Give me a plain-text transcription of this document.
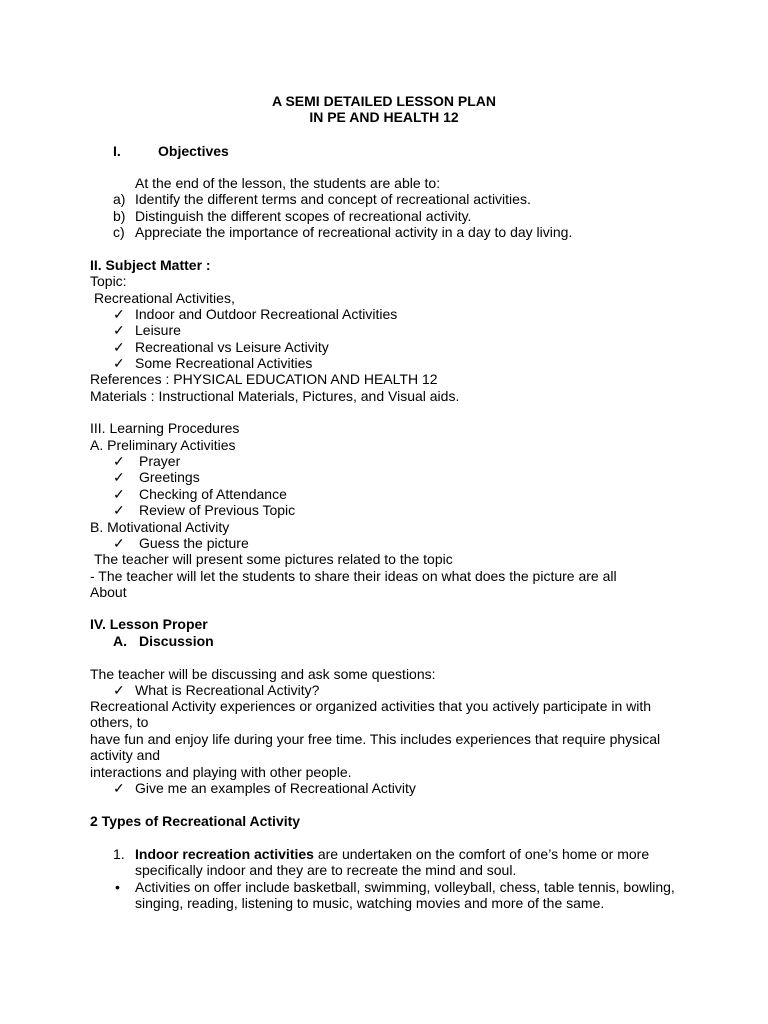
A SEMI DETAILED LESSON PLAN
IN PE AND HEALTH 12
I.	Objectives
At the end of the lesson, the students are able to:
a) Identify the different terms and concept of recreational activities.
b) Distinguish the different scopes of recreational activity.
c) Appreciate the importance of recreational activity in a day to day living.
II. Subject Matter :
Topic:
Recreational Activities,
✓ Indoor and Outdoor Recreational Activities
✓ Leisure
✓ Recreational vs Leisure Activity
✓ Some Recreational Activities
References : PHYSICAL EDUCATION AND HEALTH 12
Materials : Instructional Materials, Pictures, and Visual aids.
III. Learning Procedures
A. Preliminary Activities
✓ Prayer
✓ Greetings
✓ Checking of Attendance
✓ Review of Previous Topic
B. Motivational Activity
✓ Guess the picture
The teacher will present some pictures related to the topic
- The teacher will let the students to share their ideas on what does the picture are all
About
IV. Lesson Proper
A. Discussion
The teacher will be discussing and ask some questions:
✓ What is Recreational Activity?
Recreational Activity experiences or organized activities that you actively participate in with
others, to
have fun and enjoy life during your free time. This includes experiences that require physical
activity and
interactions and playing with other people.
✓ Give me an examples of Recreational Activity
2 Types of Recreational Activity
1. Indoor recreation activities are undertaken on the comfort of one’s home or more
specifically indoor and they are to recreate the mind and soul.
• Activities on offer include basketball, swimming, volleyball, chess, table tennis, bowling,
singing, reading, listening to music, watching movies and more of the same.
